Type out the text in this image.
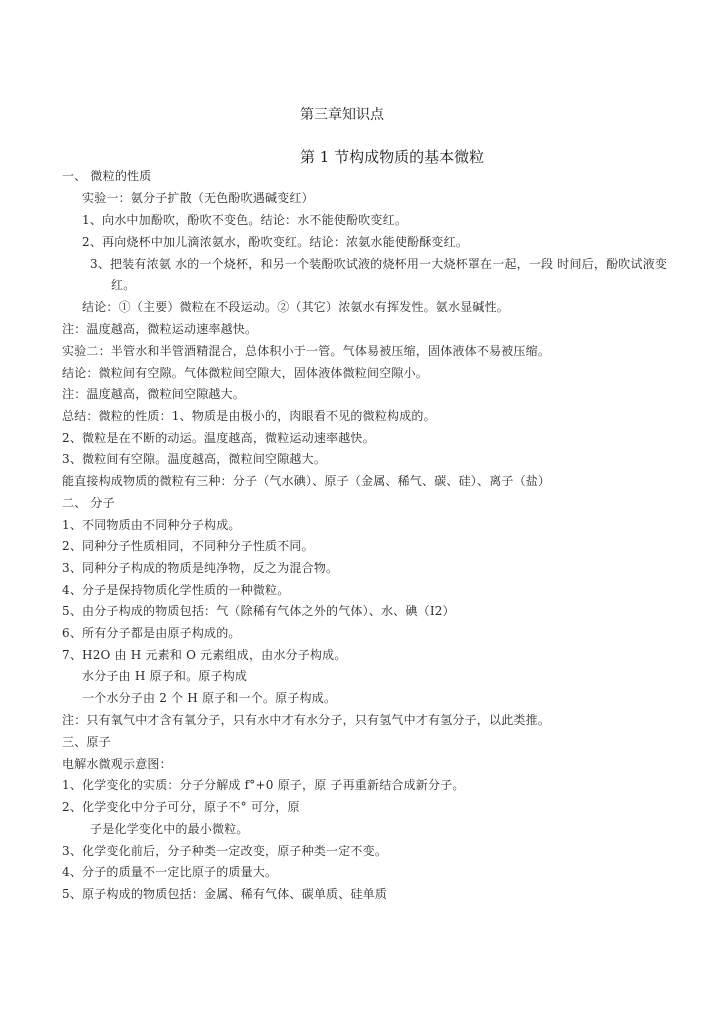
第三章知识点
第 1 节构成物质的基本微粒
一、 微粒的性质
实验一：氨分子扩散（无色酚吹遇碱变红）
1、向水中加酚吹，酚吹不变色。结论：水不能使酚吹变红。
2、再向烧杯中加儿滴浓氨水，酚吹变红。结论：浓氨水能使酚酥变红。
3、把装有浓氨 水的一个烧杯，和另一个装酚吹试液的烧杯用一大烧杯罩在一起，一段 时间后，酚吹试液变
红。
结论：①（主要）微粒在不段运动。②（其它）浓氨水有挥发性。氨水显碱性。
注：温度越高，微粒运动速率越快。
实验二：半管水和半管酒精混合，总体积小于一管。气体易被压缩，固体液体不易被压缩。
结论：微粒间有空隙。气体微粒间空隙大，固体液体微粒间空隙小。
注：温度越高，微粒间空隙越大。
总结：微粒的性质：1、物质是由极小的，肉眼看不见的微粒构成的。
2、微粒是在不断的动运。温度越高，微粒运动速率越快。
3、微粒间有空隙。温度越高，微粒间空隙越大。
能直接构成物质的微粒有三种：分子（气水碘）、原子（金属、稀气、碳、硅）、离子（盐）
二、 分子
1、不同物质由不同种分子构成。
2、同种分子性质相同，不同种分子性质不同。
3、同种分子构成的物质是纯净物，反之为混合物。
4、分子是保持物质化学性质的一种微粒。
5、由分子构成的物质包括：气（除稀有气体之外的气体）、水、碘（I2）
6、所有分子都是由原子构成的。
7、H2O 由 H 元素和 O 元素组成，由水分子构成。
水分子由 H 原子和。原子构成
一个水分子由 2 个 H 原子和一个。原子构成。
注：只有氧气中才含有氧分子，只有水中才有水分子，只有氢气中才有氢分子，以此类推。
三、原子
电解水微观示意图：
1、化学变化的实质：分子分解成 f°+0 原子，原 子再重新结合成新分子。
2、化学变化中分子可分，原子不° 可分，原
子是化学变化中的最小微粒。
3、化学变化前后，分子种类一定改变，原子种类一定不变。
4、分子的质量不一定比原子的质量大。
5、原子构成的物质包括：金属、稀有气体、碳单质、硅单质
